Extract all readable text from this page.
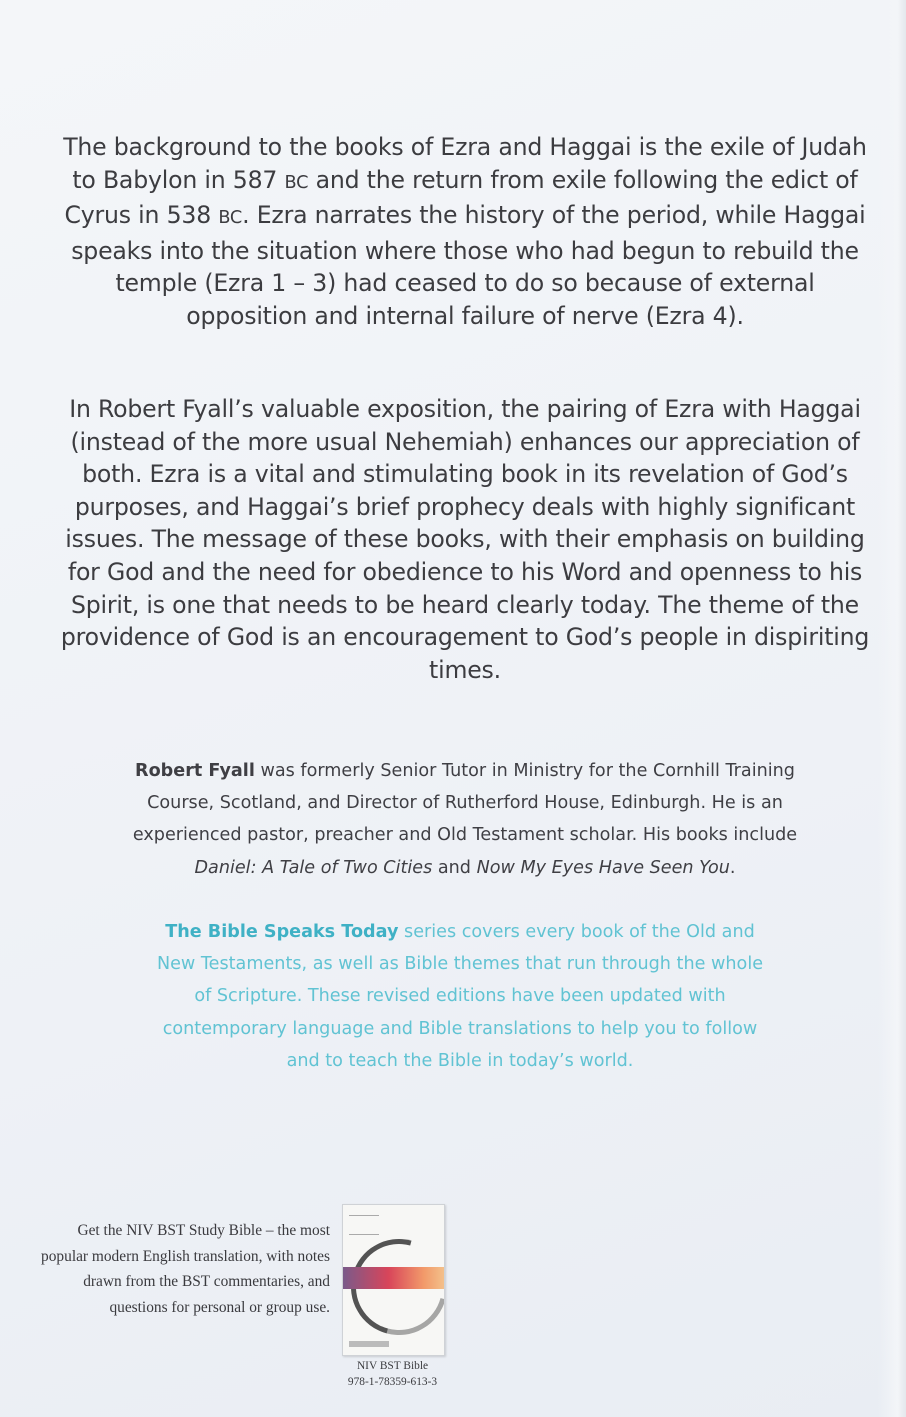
The background to the books of Ezra and Haggai is the exile of Judah to Babylon in 587 BC and the return from exile following the edict of Cyrus in 538 BC. Ezra narrates the history of the period, while Haggai speaks into the situation where those who had begun to rebuild the temple (Ezra 1 – 3) had ceased to do so because of external opposition and internal failure of nerve (Ezra 4).

In Robert Fyall’s valuable exposition, the pairing of Ezra with Haggai (instead of the more usual Nehemiah) enhances our appreciation of both. Ezra is a vital and stimulating book in its revelation of God’s purposes, and Haggai’s brief prophecy deals with highly significant issues. The message of these books, with their emphasis on building for God and the need for obedience to his Word and openness to his Spirit, is one that needs to be heard clearly today. The theme of the providence of God is an encouragement to God’s people in dispiriting times.

Robert Fyall was formerly Senior Tutor in Ministry for the Cornhill Training Course, Scotland, and Director of Rutherford House, Edinburgh. He is an experienced pastor, preacher and Old Testament scholar. His books include Daniel: A Tale of Two Cities and Now My Eyes Have Seen You.

The Bible Speaks Today series covers every book of the Old and New Testaments, as well as Bible themes that run through the whole of Scripture. These revised editions have been updated with contemporary language and Bible translations to help you to follow and to teach the Bible in today’s world.

Get the NIV BST Study Bible – the most popular modern English translation, with notes drawn from the BST commentaries, and questions for personal or group use.

NIV BST Bible
978-1-78359-613-3
